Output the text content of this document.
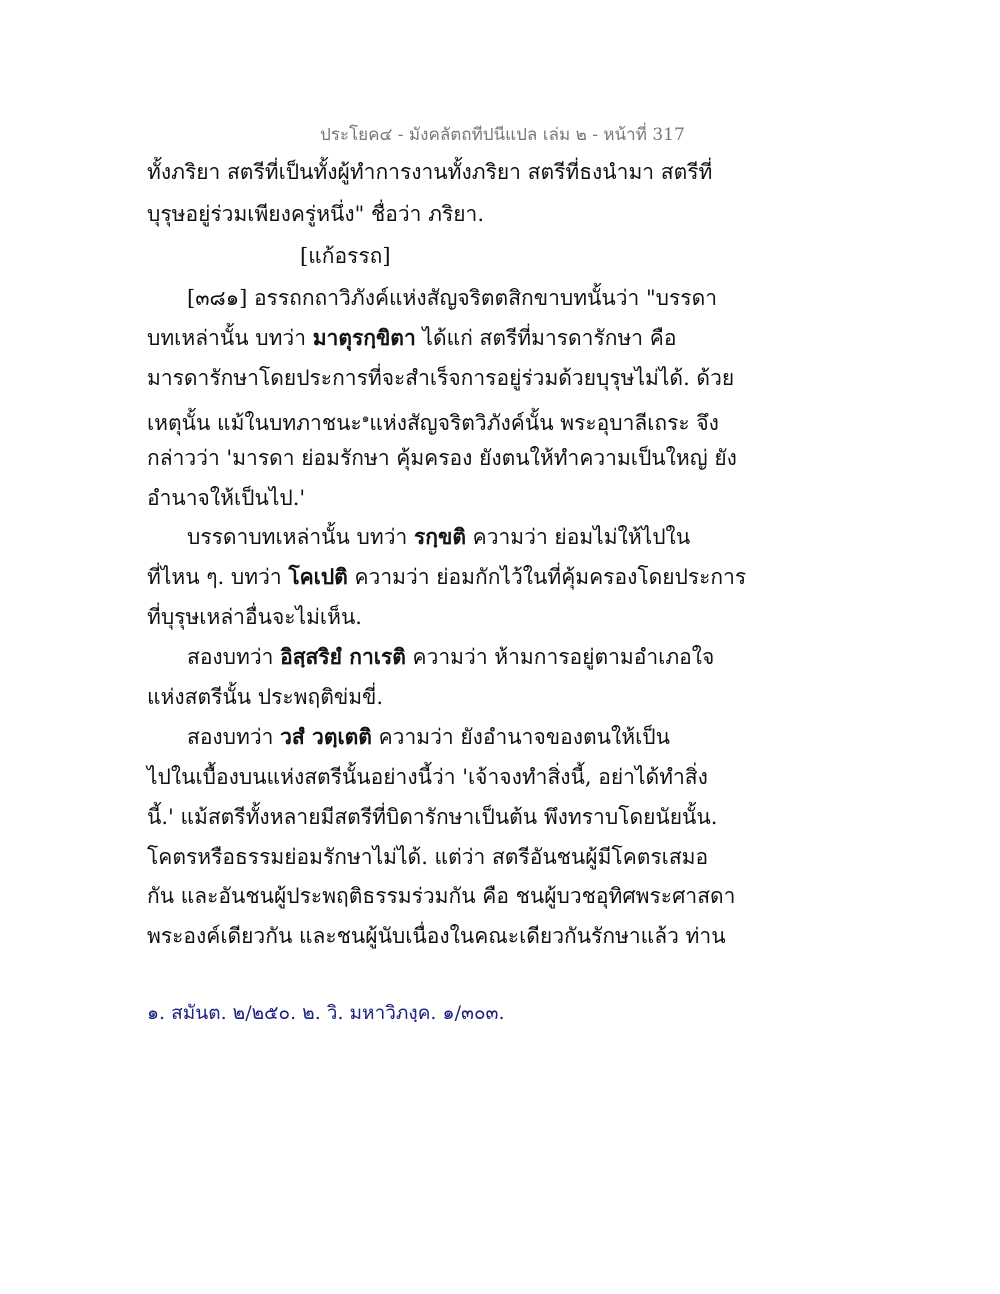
ประโยค๔ - มังคลัตถทีปนีแปล เล่ม ๒ - หน้าที่ 317
ทั้งภริยา สตรีที่เป็นทั้งผู้ทำการงานทั้งภริยา สตรีที่ธงนำมา สตรีที่
บุรุษอยู่ร่วมเพียงครู่หนึ่ง" ชื่อว่า ภริยา.
[แก้อรรถ]
[๓๘๑] อรรถกถาวิภังค์แห่งสัญจริตตสิกขาบทนั้นว่า "บรรดา
บทเหล่านั้น บทว่า มาตุรกฺขิตา ได้แก่ สตรีที่มารดารักษา คือ
มารดารักษาโดยประการที่จะสำเร็จการอยู่ร่วมด้วยบุรุษไม่ได้. ด้วย
เหตุนั้น แม้ในบทภาชนะ$^๑$แห่งสัญจริตวิภังค์นั้น พระอุบาลีเถระ จึง
กล่าวว่า 'มารดา ย่อมรักษา คุ้มครอง ยังตนให้ทำความเป็นใหญ่ ยัง
อำนาจให้เป็นไป.'
บรรดาบทเหล่านั้น บทว่า รกฺขติ ความว่า ย่อมไม่ให้ไปใน
ที่ไหน ๆ. บทว่า โคเปติ ความว่า ย่อมกักไว้ในที่คุ้มครองโดยประการ
ที่บุรุษเหล่าอื่นจะไม่เห็น.
สองบทว่า อิสฺสริยํ กาเรติ ความว่า ห้ามการอยู่ตามอำเภอใจ
แห่งสตรีนั้น ประพฤติข่มขี่.
สองบทว่า วสํ วตฺเตติ ความว่า ยังอำนาจของตนให้เป็น
ไปในเบื้องบนแห่งสตรีนั้นอย่างนี้ว่า 'เจ้าจงทำสิ่งนี้, อย่าได้ทำสิ่ง
นี้.' แม้สตรีทั้งหลายมีสตรีที่บิดารักษาเป็นต้น พึงทราบโดยนัยนั้น.
โคตรหรือธรรมย่อมรักษาไม่ได้. แต่ว่า สตรีอันชนผู้มีโคตรเสมอ
กัน และอันชนผู้ประพฤติธรรมร่วมกัน คือ ชนผู้บวชอุทิศพระศาสดา
พระองค์เดียวกัน และชนผู้นับเนื่องในคณะเดียวกันรักษาแล้ว ท่าน
๑. สมันต. ๒/๒๕๐. ๒. วิ. มหาวิภงฺค. ๑/๓๐๓.
